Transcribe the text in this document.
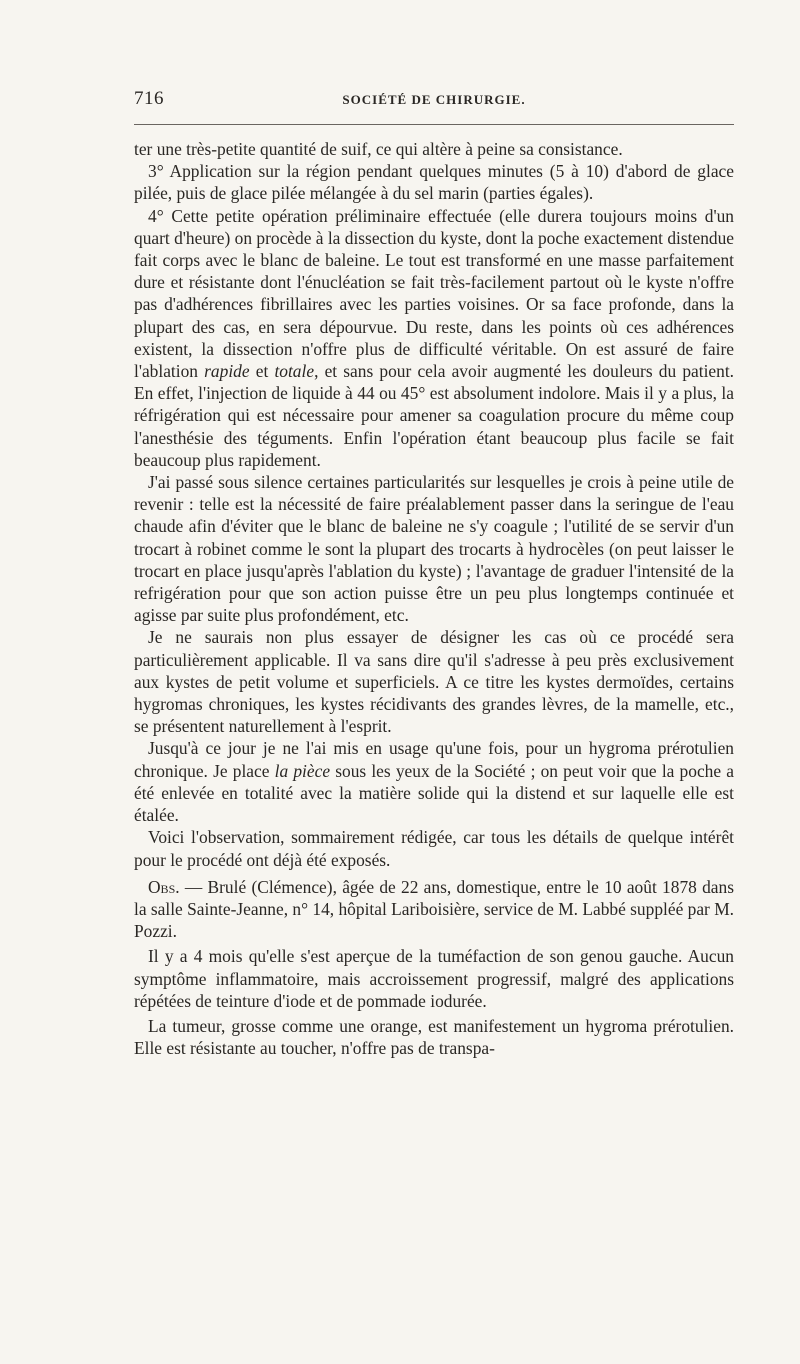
716	SOCIÉTÉ DE CHIRURGIE.

ter une très-petite quantité de suif, ce qui altère à peine sa consistance.

3° Application sur la région pendant quelques minutes (5 à 10) d'abord de glace pilée, puis de glace pilée mélangée à du sel marin (parties égales).

4° Cette petite opération préliminaire effectuée (elle durera toujours moins d'un quart d'heure) on procède à la dissection du kyste, dont la poche exactement distendue fait corps avec le blanc de baleine. Le tout est transformé en une masse parfaitement dure et résistante dont l'énucléation se fait très-facilement partout où le kyste n'offre pas d'adhérences fibrillaires avec les parties voisines. Or sa face profonde, dans la plupart des cas, en sera dépourvue. Du reste, dans les points où ces adhérences existent, la dissection n'offre plus de difficulté véritable. On est assuré de faire l'ablation rapide et totale, et sans pour cela avoir augmenté les douleurs du patient. En effet, l'injection de liquide à 44 ou 45° est absolument indolore. Mais il y a plus, la réfrigération qui est nécessaire pour amener sa coagulation procure du même coup l'anesthésie des téguments. Enfin l'opération étant beaucoup plus facile se fait beaucoup plus rapidement.

J'ai passé sous silence certaines particularités sur lesquelles je crois à peine utile de revenir : telle est la nécessité de faire préalablement passer dans la seringue de l'eau chaude afin d'éviter que le blanc de baleine ne s'y coagule ; l'utilité de se servir d'un trocart à robinet comme le sont la plupart des trocarts à hydrocèles (on peut laisser le trocart en place jusqu'après l'ablation du kyste) ; l'avantage de graduer l'intensité de la refrigération pour que son action puisse être un peu plus longtemps continuée et agisse par suite plus profondément, etc.

Je ne saurais non plus essayer de désigner les cas où ce procédé sera particulièrement applicable. Il va sans dire qu'il s'adresse à peu près exclusivement aux kystes de petit volume et superficiels. A ce titre les kystes dermoïdes, certains hygromas chroniques, les kystes récidivants des grandes lèvres, de la mamelle, etc., se présentent naturellement à l'esprit.

Jusqu'à ce jour je ne l'ai mis en usage qu'une fois, pour un hygroma prérotulien chronique. Je place la pièce sous les yeux de la Société ; on peut voir que la poche a été enlevée en totalité avec la matière solide qui la distend et sur laquelle elle est étalée.

Voici l'observation, sommairement rédigée, car tous les détails de quelque intérêt pour le procédé ont déjà été exposés.

Obs. — Brulé (Clémence), âgée de 22 ans, domestique, entre le 10 août 1878 dans la salle Sainte-Jeanne, n° 14, hôpital Lariboisière, service de M. Labbé suppléé par M. Pozzi.

Il y a 4 mois qu'elle s'est aperçue de la tuméfaction de son genou gauche. Aucun symptôme inflammatoire, mais accroissement progressif, malgré des applications répétées de teinture d'iode et de pommade iodurée.

La tumeur, grosse comme une orange, est manifestement un hygroma prérotulien. Elle est résistante au toucher, n'offre pas de transpa-
